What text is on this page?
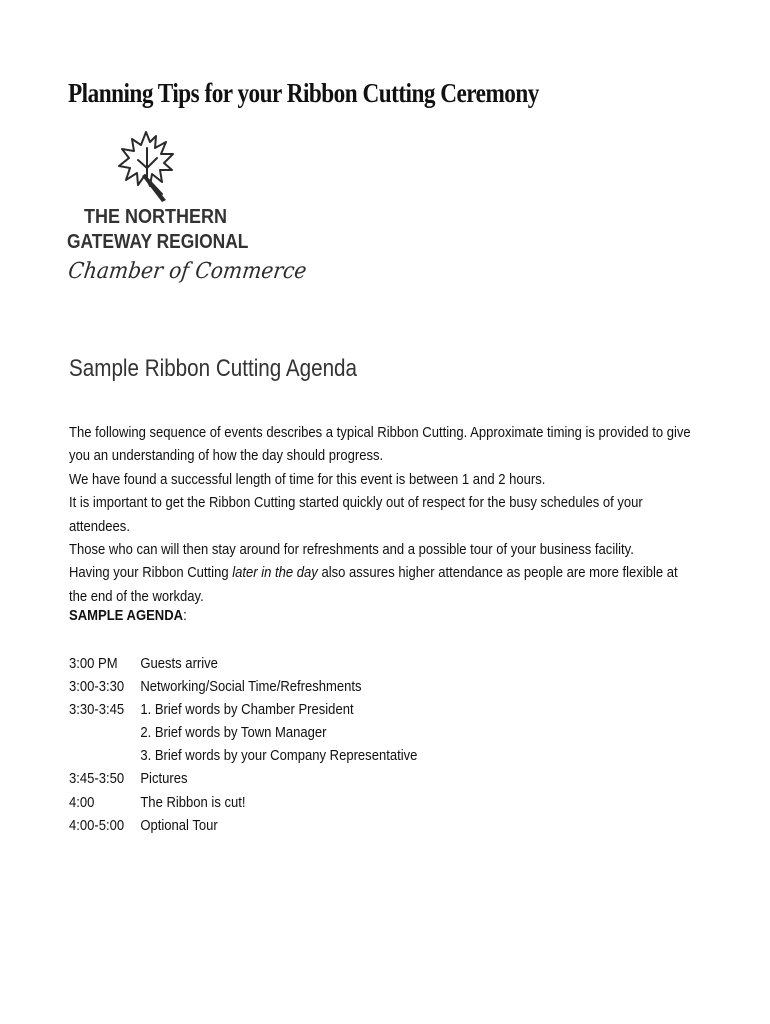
Planning Tips for your Ribbon Cutting Ceremony
THE NORTHERN
GATEWAY REGIONAL
Chamber of Commerce
Sample Ribbon Cutting Agenda

The following sequence of events describes a typical Ribbon Cutting. Approximate timing is provided to give you an understanding of how the day should progress.

We have found a successful length of time for this event is between 1 and 2 hours.

It is important to get the Ribbon Cutting started quickly out of respect for the busy schedules of your attendees.

Those who can will then stay around for refreshments and a possible tour of your business facility.

Having your Ribbon Cutting later in the day also assures higher attendance as people are more flexible at the end of the workday.

SAMPLE AGENDA:
3:00 PM	Guests arrive
3:00-3:30	Networking/Social Time/Refreshments
3:30-3:45	1. Brief words by Chamber President
2. Brief words by Town Manager
3. Brief words by your Company Representative
3:45-3:50	Pictures
4:00	The Ribbon is cut!
4:00-5:00	Optional Tour
